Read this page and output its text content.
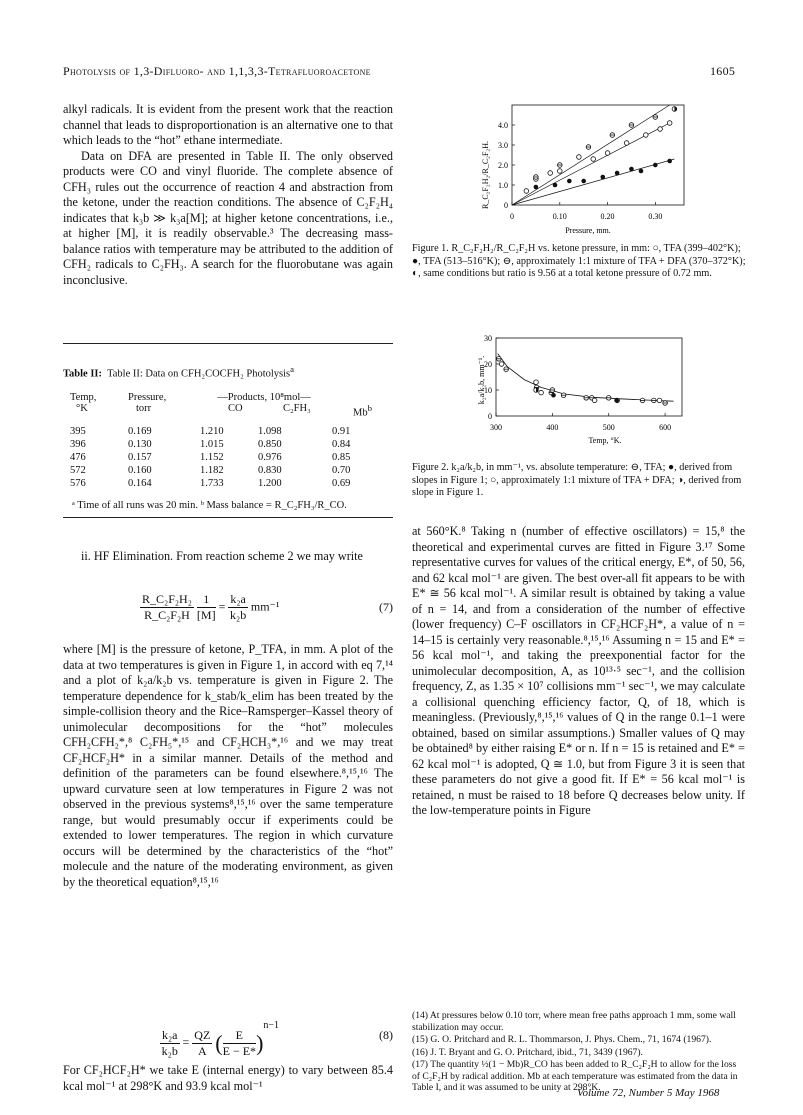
Photolysis of 1,3-Difluoro- and 1,1,3,3-Tetrafluoroacetone	1605

alkyl radicals. It is evident from the present work that the reaction channel that leads to disproportionation is an alternative one to that which leads to the “hot” ethane intermediate.

Data on DFA are presented in Table II. The only observed products were CO and vinyl fluoride. The complete absence of CFH₃ rules out the occurrence of reaction 4 and abstraction from the ketone, under the reaction conditions. The absence of C₂F₂H₄ indicates that k₃b ≫ k₃a[M]; at higher ketone concentrations, i.e., at higher [M], it is readily observable.³ The decreasing mass-balance ratios with temperature may be attributed to the addition of CFH₂ radicals to C₂FH₃. A search for the fluorobutane was again inconclusive.

Table II: Table II: Data on CFH₂COCFH₂ Photolysis$^a$
Temp,
°K
Pressure,
torr
—Products, 10⁸mol—
CO	C₂FH₃	Mb$^b$
395	0.169	1.210	1.098	0.91
396	0.130	1.015	0.850	0.84
476	0.157	1.152	0.976	0.85
572	0.160	1.182	0.830	0.70
576	0.164	1.733	1.200	0.69
ᵃ Time of all runs was 20 min. ᵇ Mass balance = R_C₂FH₃/R_CO.

ii. HF Elimination. From reaction scheme 2 we may write

$\frac{\text{R\_C₂F₂H₂}}{\text{R\_C₂F₂H}}$
$\frac{1}{[M]} = \frac{\text{k₂a}}{\text{k₂b}} mm^{-1}$	(7)

where [M] is the pressure of ketone, P_TFA, in mm. A plot of the data at two temperatures is given in Figure 1, in accord with eq 7,¹⁴ and a plot of k₂a/k₂b vs. temperature is given in Figure 2. The temperature dependence for k_stab/k_elim has been treated by the simple-collision theory and the Rice–Ramsperger–Kassel theory of unimolecular decompositions for the “hot” molecules CFH₂CFH₂*,⁸ C₂FH₅*,¹⁵ and CF₂HCH₃*,¹⁶ and we may treat CF₂HCF₂H* in a similar manner. Details of the method and definition of the parameters can be found elsewhere.⁸,¹⁵,¹⁶ The upward curvature seen at low temperatures in Figure 2 was not observed in the previous systems⁸,¹⁵,¹⁶ over the same temperature range, but would presumably occur if experiments could be extended to lower temperatures. The region in which curvature occurs will be determined by the characteristics of the “hot” molecule and the nature of the moderating environment, as given by the theoretical equation⁸,¹⁵,¹⁶

$\frac{\text{k₂a}}{\text{k₂b}} = \frac{QZ}{A}$ ( $\frac{E}{E - E*} )^{n-1}$
(8)

For CF₂HCF₂H* we take E (internal energy) to vary between 85.4 kcal mol⁻¹ at 298°K and 93.9 kcal mol⁻¹

R_C₂F₂H₂/R_C₂F₂H. 0
1.0
2.0
3.0
4.0
0	0.10	0.20	0.30
Pressure, mm.

Figure 1. R_C₂F₂H₂/R_C₂F₂H vs. ketone pressure, in mm: ○, TFA (399–402°K); ●, TFA (513–516°K); ⊖, approximately 1:1 mixture of TFA + DFA (370–372°K); ◐, same conditions but ratio is 9.56 at a total ketone pressure of 0.72 mm.

k₂a/k₂b, mm⁻¹.
0
10
20
30
300	400	500	600
Temp, °K.

Figure 2. k₂a/k₂b, in mm⁻¹, vs. absolute temperature: ⊖, TFA; ●, derived from slopes in Figure 1; ○, approximately 1:1 mixture of TFA + DFA; ◑, derived from slope in Figure 1.

at 560°K.⁸ Taking n (number of effective oscillators) = 15,⁸ the theoretical and experimental curves are fitted in Figure 3.¹⁷ Some representative curves for values of the critical energy, E*, of 50, 56, and 62 kcal mol⁻¹ are given. The best over-all fit appears to be with E* ≅ 56 kcal mol⁻¹. A similar result is obtained by taking a value of n = 14, and from a consideration of the number of effective (lower frequency) C–F oscillators in CF₂HCF₂H*, a value of n = 14–15 is certainly very reasonable.⁸,¹⁵,¹⁶ Assuming n = 15 and E* = 56 kcal mol⁻¹, and taking the preexponential factor for the unimolecular decomposition, A, as 10¹³·⁵ sec⁻¹, and the collision frequency, Z, as 1.35 × 10⁷ collisions mm⁻¹ sec⁻¹, we may calculate a collisional quenching efficiency factor, Q, of 18, which is meaningless. (Previously,⁸,¹⁵,¹⁶ values of Q in the range 0.1–1 were obtained, based on similar assumptions.) Smaller values of Q may be obtained⁸ by either raising E* or n. If n = 15 is retained and E* = 62 kcal mol⁻¹ is adopted, Q ≅ 1.0, but from Figure 3 it is seen that these parameters do not give a good fit. If E* = 56 kcal mol⁻¹ is retained, n must be raised to 18 before Q decreases below unity. If the low-temperature points in Figure

(14) At pressures below 0.10 torr, where mean free paths approach 1 mm, some wall stabilization may occur.

(15) G. O. Pritchard and R. L. Thommarson, J. Phys. Chem., 71, 1674 (1967).

(16) J. T. Bryant and G. O. Pritchard, ibid., 71, 3439 (1967).

(17) The quantity ½(1 − Mb)R_CO has been added to R_C₂F₂H to allow for the loss of C₂F₂H by radical addition. Mb at each temperature was estimated from the data in Table I, and it was assumed to be unity at 298°K.

Volume 72, Number 5 May 1968
